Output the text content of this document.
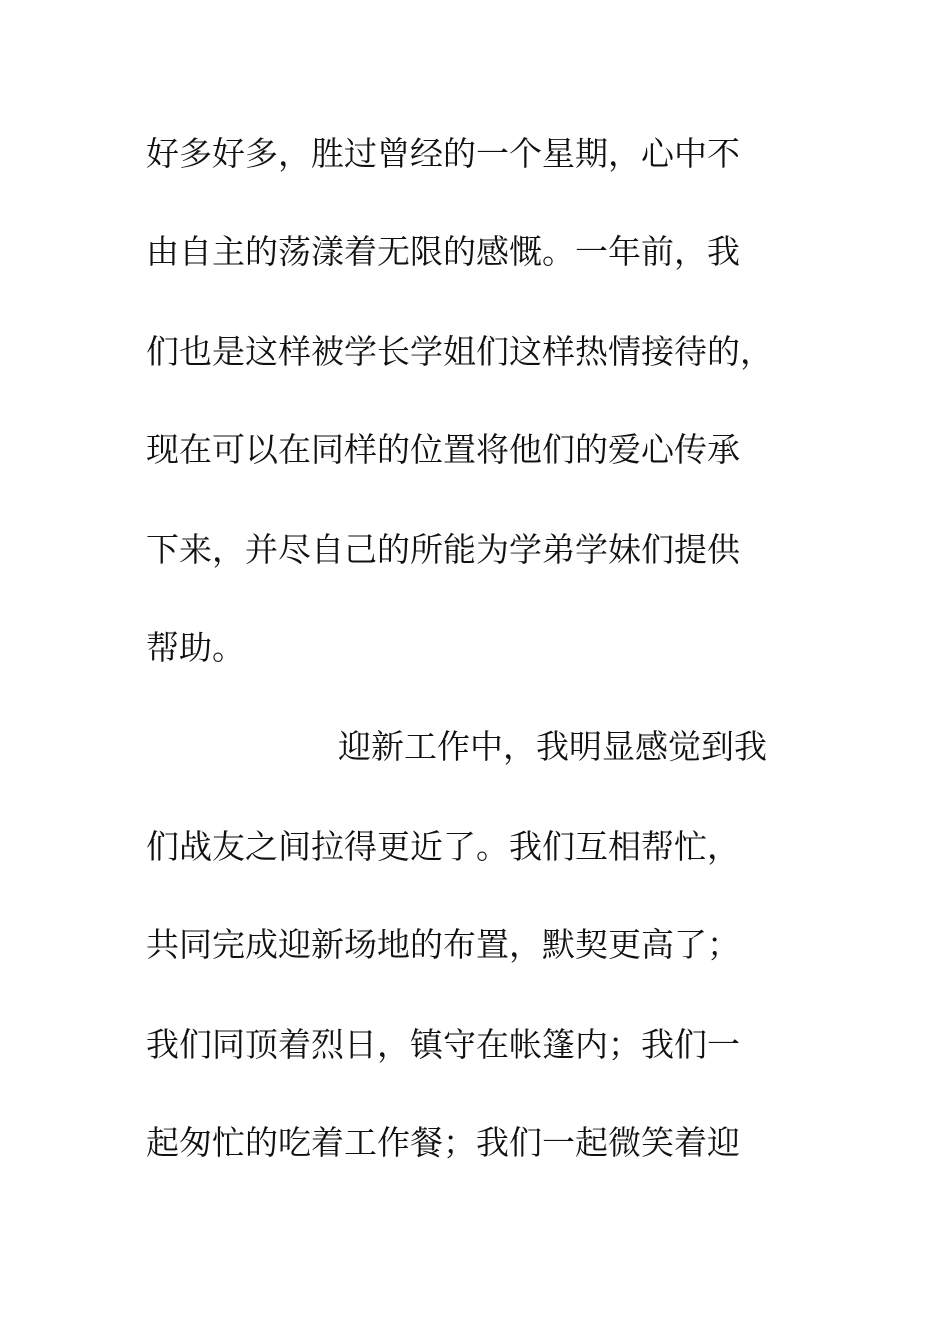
好多好多，胜过曾经的一个星期，心中不
由自主的荡漾着无限的感慨。一年前，我
们也是这样被学长学姐们这样热情接待的，
现在可以在同样的位置将他们的爱心传承
下来，并尽自己的所能为学弟学妹们提供
帮助。
迎新工作中，我明显感觉到我
们战友之间拉得更近了。我们互相帮忙，
共同完成迎新场地的布置，默契更高了；
我们同顶着烈日，镇守在帐篷内；我们一
起匆忙的吃着工作餐；我们一起微笑着迎
